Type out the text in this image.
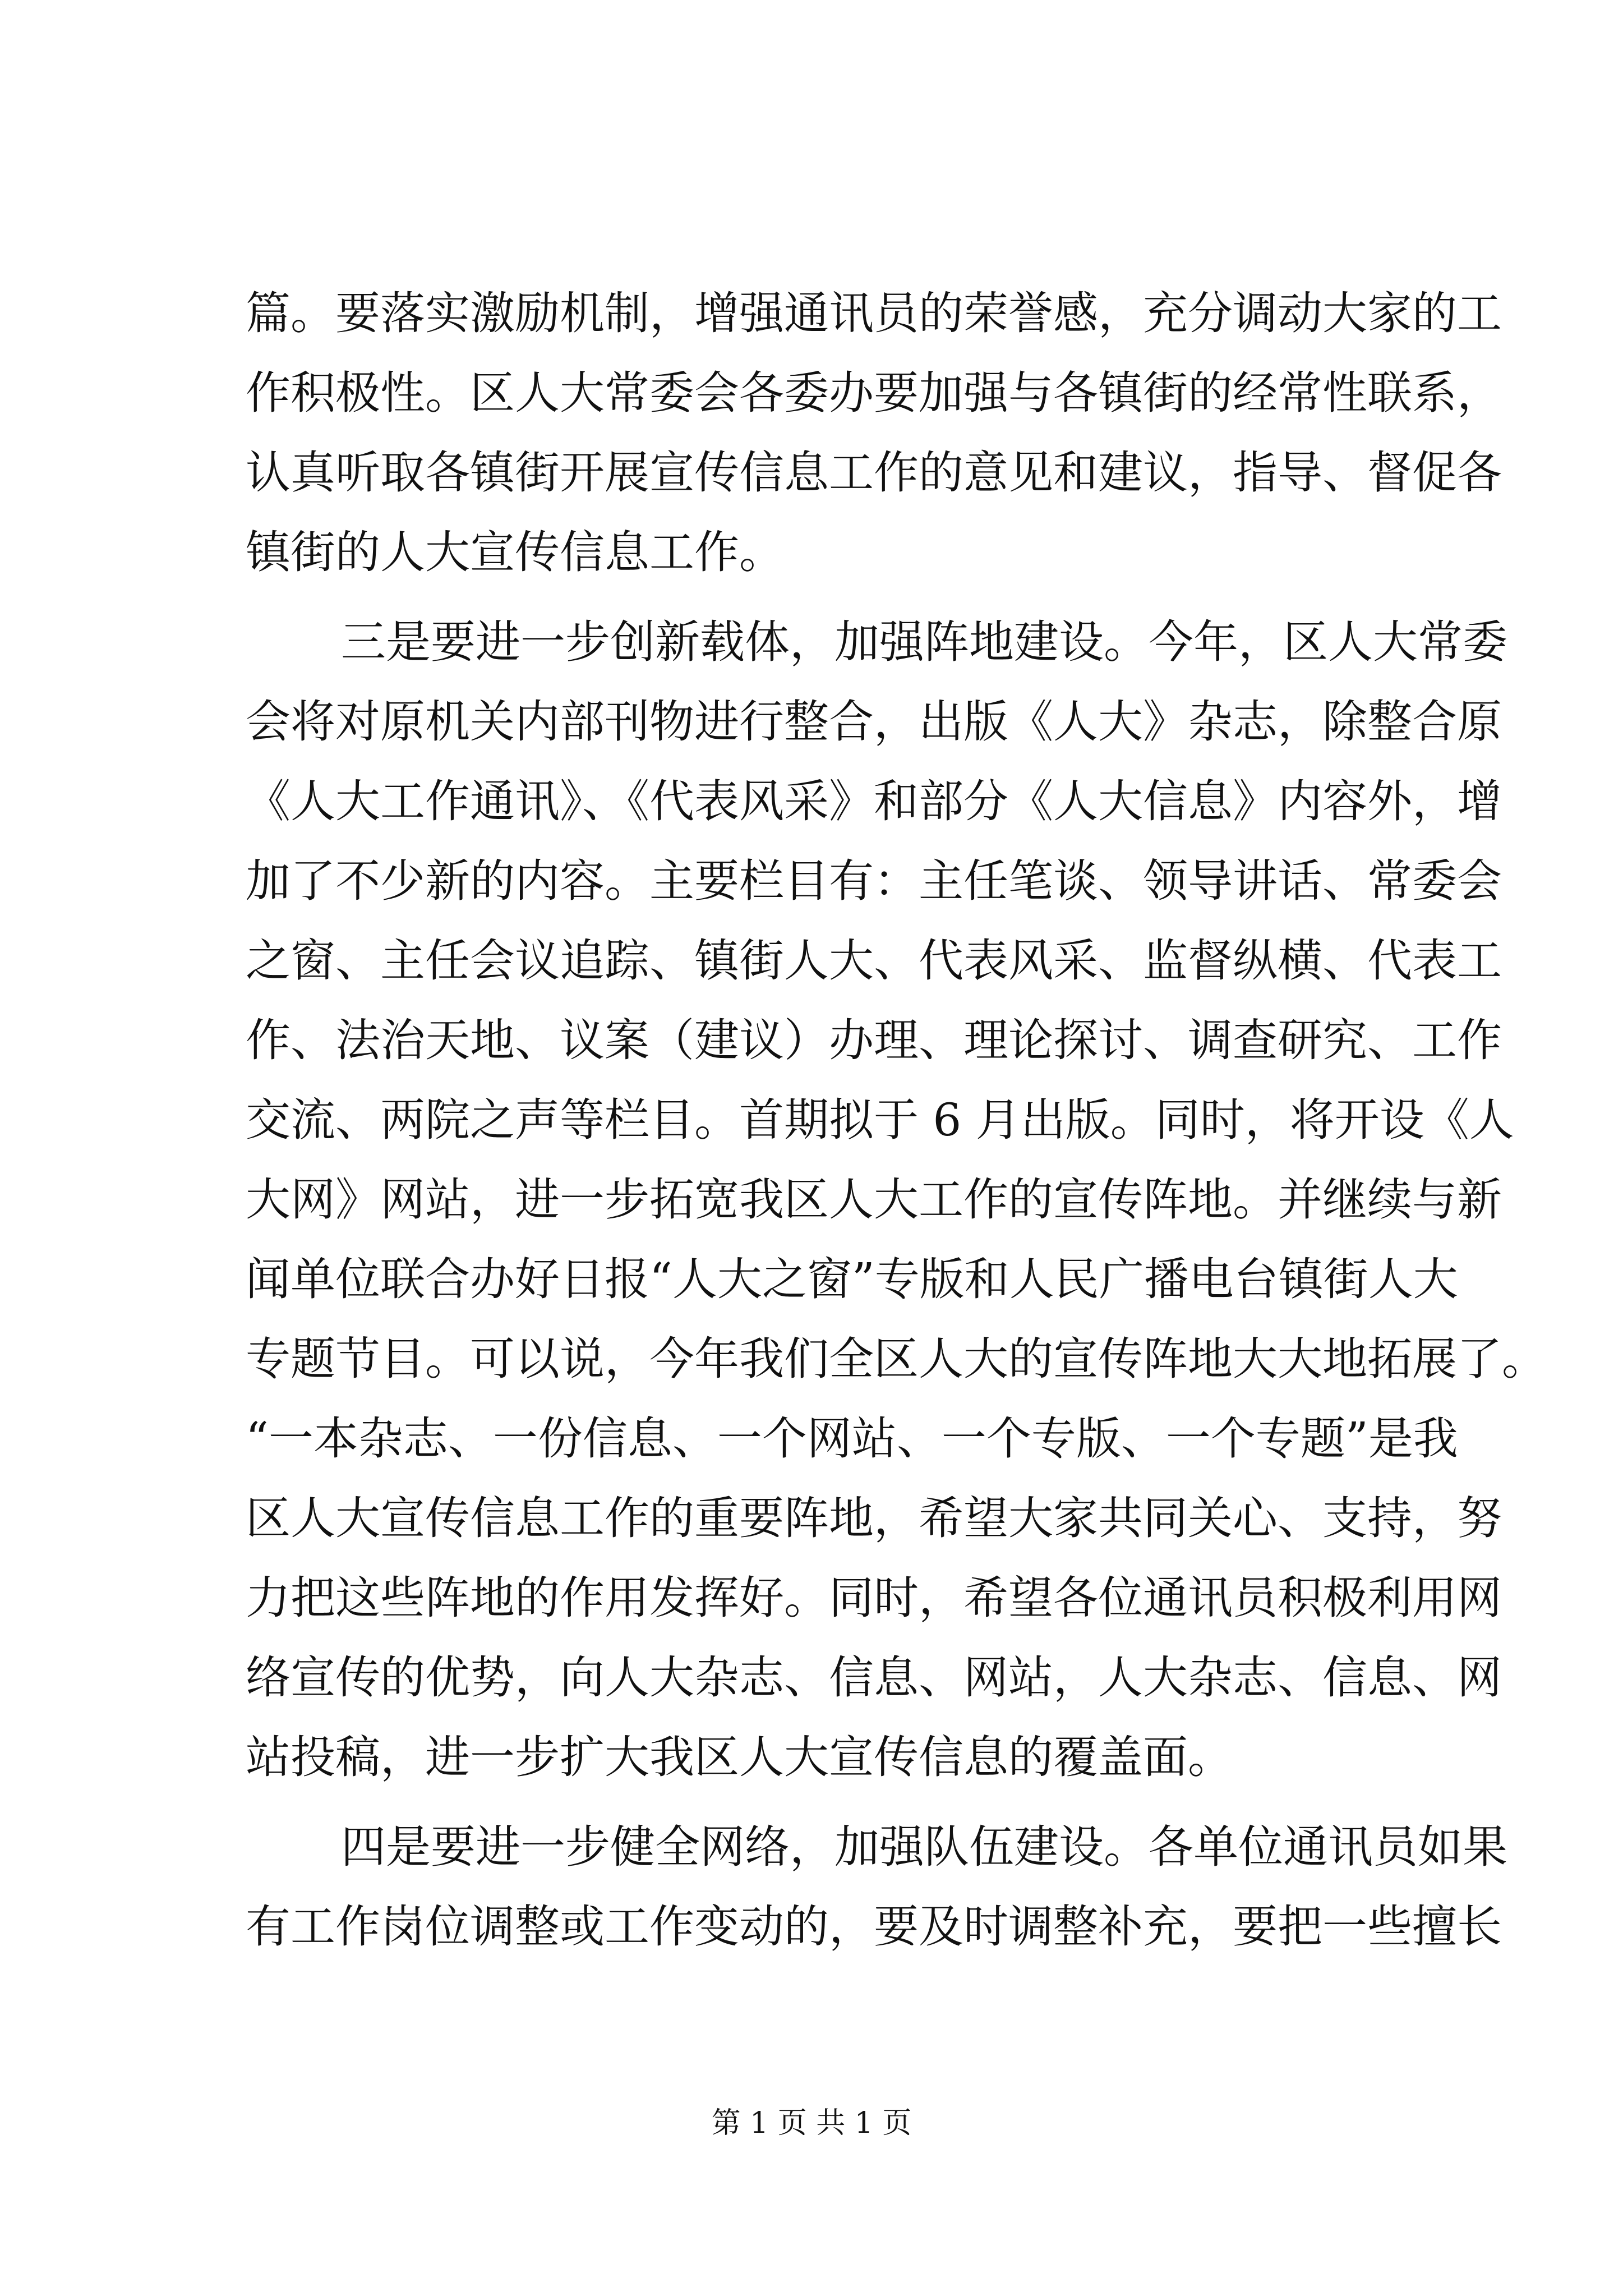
篇。要落实激励机制，增强通讯员的荣誉感，充分调动大家的工
作积极性。区人大常委会各委办要加强与各镇街的经常性联系，
认真听取各镇街开展宣传信息工作的意见和建议，指导、督促各
镇街的人大宣传信息工作。
三是要进一步创新载体，加强阵地建设。今年，区人大常委
会将对原机关内部刊物进行整合，出版《人大》杂志，除整合原
《人大工作通讯》、《代表风采》和部分《人大信息》内容外，增
加了不少新的内容。主要栏目有：主任笔谈、领导讲话、常委会
之窗、主任会议追踪、镇街人大、代表风采、监督纵横、代表工
作、法治天地、议案（建议）办理、理论探讨、调查研究、工作
交流、两院之声等栏目。首期拟于 6 月出版。同时，将开设《人
大网》网站，进一步拓宽我区人大工作的宣传阵地。并继续与新
闻单位联合办好日报“人大之窗”专版和人民广播电台镇街人大
专题节目。可以说，今年我们全区人大的宣传阵地大大地拓展了。
“一本杂志、一份信息、一个网站、一个专版、一个专题”是我
区人大宣传信息工作的重要阵地，希望大家共同关心、支持，努
力把这些阵地的作用发挥好。同时，希望各位通讯员积极利用网
络宣传的优势，向人大杂志、信息、网站，人大杂志、信息、网
站投稿，进一步扩大我区人大宣传信息的覆盖面。
四是要进一步健全网络，加强队伍建设。各单位通讯员如果
有工作岗位调整或工作变动的，要及时调整补充，要把一些擅长
第 1 页 共 1 页
